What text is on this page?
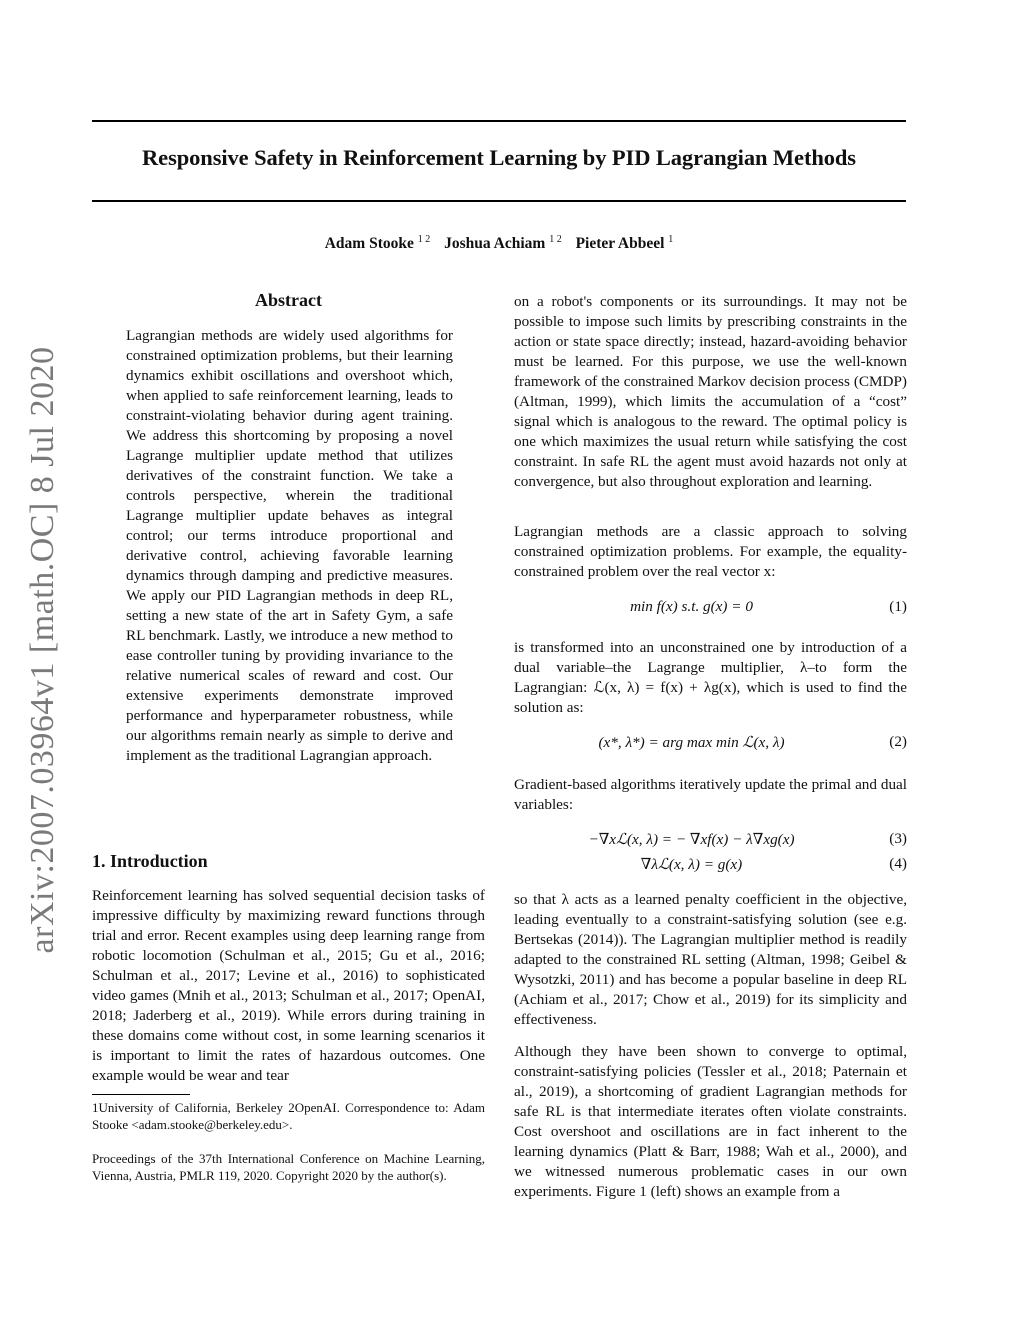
Responsive Safety in Reinforcement Learning by PID Lagrangian Methods
Adam Stooke $^{1 2}$ Joshua Achiam $^{1 2}$ Pieter Abbeel $^1$
arXiv:2007.03964v1 [math.OC] 8 Jul 2020
Abstract

Lagrangian methods are widely used algorithms for constrained optimization problems, but their learning dynamics exhibit oscillations and overshoot which, when applied to safe reinforcement learning, leads to constraint-violating behavior during agent training. We address this shortcoming by proposing a novel Lagrange multiplier update method that utilizes derivatives of the constraint function. We take a controls perspective, wherein the traditional Lagrange multiplier update behaves as integral control; our terms introduce proportional and derivative control, achieving favorable learning dynamics through damping and predictive measures. We apply our PID Lagrangian methods in deep RL, setting a new state of the art in Safety Gym, a safe RL benchmark. Lastly, we introduce a new method to ease controller tuning by providing invariance to the relative numerical scales of reward and cost. Our extensive experiments demonstrate improved performance and hyperparameter robustness, while our algorithms remain nearly as simple to derive and implement as the traditional Lagrangian approach.

1. Introduction

Reinforcement learning has solved sequential decision tasks of impressive difficulty by maximizing reward functions through trial and error. Recent examples using deep learning range from robotic locomotion (Schulman et al., 2015; Gu et al., 2016; Schulman et al., 2017; Levine et al., 2016) to sophisticated video games (Mnih et al., 2013; Schulman et al., 2017; OpenAI, 2018; Jaderberg et al., 2019). While errors during training in these domains come without cost, in some learning scenarios it is important to limit the rates of hazardous outcomes. One example would be wear and tear

1University of California, Berkeley 2OpenAI. Correspondence to: Adam Stooke <adam.stooke@berkeley.edu>.

Proceedings of the 37th International Conference on Machine Learning, Vienna, Austria, PMLR 119, 2020. Copyright 2020 by the author(s).

on a robot's components or its surroundings. It may not be possible to impose such limits by prescribing constraints in the action or state space directly; instead, hazard-avoiding behavior must be learned. For this purpose, we use the well-known framework of the constrained Markov decision process (CMDP) (Altman, 1999), which limits the accumulation of a “cost” signal which is analogous to the reward. The optimal policy is one which maximizes the usual return while satisfying the cost constraint. In safe RL the agent must avoid hazards not only at convergence, but also throughout exploration and learning.

Lagrangian methods are a classic approach to solving constrained optimization problems. For example, the equality-constrained problem over the real vector x:

min f(x) s.t. g(x) = 0	(1)

is transformed into an unconstrained one by introduction of a dual variable–the Lagrange multiplier, λ–to form the Lagrangian: ℒ(x, λ) = f(x) + λg(x), which is used to find the solution as:

(x*, λ*) = arg max min ℒ(x, λ)	(2)

Gradient-based algorithms iteratively update the primal and dual variables:

−∇xℒ(x, λ) = − ∇xf(x) − λ∇xg(x)	(3)
∇λℒ(x, λ) = g(x)	(4)

so that λ acts as a learned penalty coefficient in the objective, leading eventually to a constraint-satisfying solution (see e.g. Bertsekas (2014)). The Lagrangian multiplier method is readily adapted to the constrained RL setting (Altman, 1998; Geibel & Wysotzki, 2011) and has become a popular baseline in deep RL (Achiam et al., 2017; Chow et al., 2019) for its simplicity and effectiveness.

Although they have been shown to converge to optimal, constraint-satisfying policies (Tessler et al., 2018; Paternain et al., 2019), a shortcoming of gradient Lagrangian methods for safe RL is that intermediate iterates often violate constraints. Cost overshoot and oscillations are in fact inherent to the learning dynamics (Platt & Barr, 1988; Wah et al., 2000), and we witnessed numerous problematic cases in our own experiments. Figure 1 (left) shows an example from a
